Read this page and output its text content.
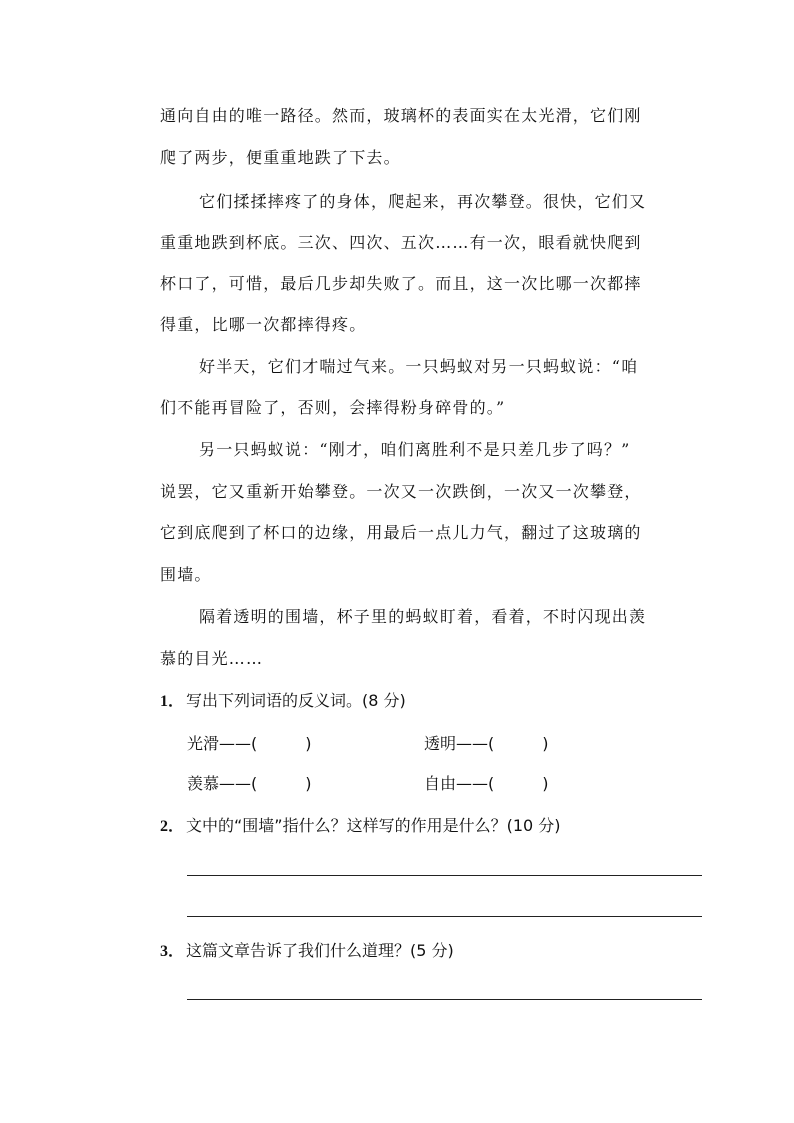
通向自由的唯一路径。然而，玻璃杯的表面实在太光滑，它们刚
爬了两步，便重重地跌了下去。
它们揉揉摔疼了的身体，爬起来，再次攀登。很快，它们又
重重地跌到杯底。三次、四次、五次……有一次，眼看就快爬到
杯口了，可惜，最后几步却失败了。而且，这一次比哪一次都摔
得重，比哪一次都摔得疼。
好半天，它们才喘过气来。一只蚂蚁对另一只蚂蚁说：“咱
们不能再冒险了，否则，会摔得粉身碎骨的。”
另一只蚂蚁说：“刚才，咱们离胜利不是只差几步了吗？”
说罢，它又重新开始攀登。一次又一次跌倒，一次又一次攀登，
它到底爬到了杯口的边缘，用最后一点儿力气，翻过了这玻璃的
围墙。
隔着透明的围墙，杯子里的蚂蚁盯着，看着，不时闪现出羡
慕的目光……
1． 写出下列词语的反义词。(8 分)
光滑——(　　　)	透明——(　　　)
羡慕——(　　　)	自由——(　　　)
2． 文中的“围墙”指什么？这样写的作用是什么？(10 分)
3． 这篇文章告诉了我们什么道理？(5 分)
